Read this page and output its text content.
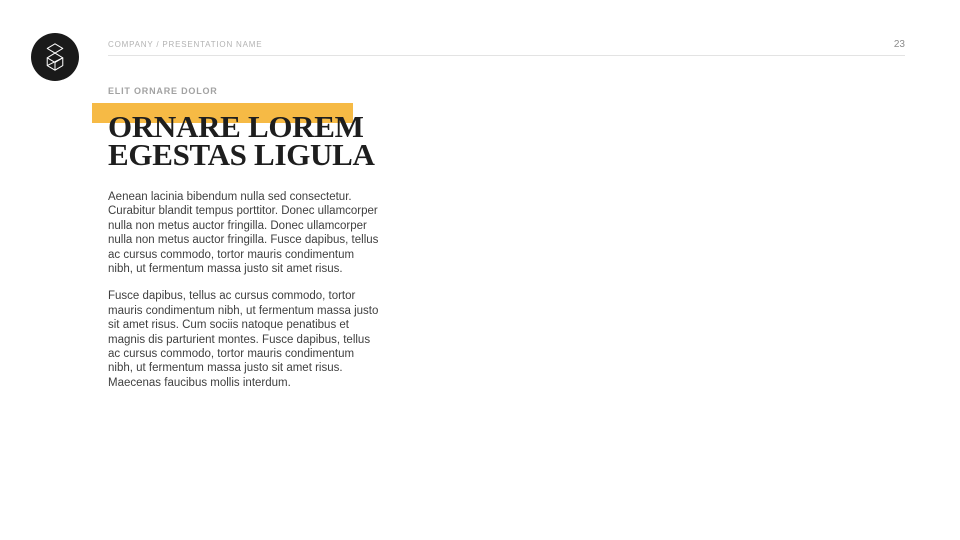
COMPANY / PRESENTATION NAME	23
ELIT ORNARE DOLOR
ORNARE LOREM
EGESTAS LIGULA

Aenean lacinia bibendum nulla sed consectetur. Curabitur blandit tempus porttitor. Donec ullamcorper nulla non metus auctor fringilla. Donec ullamcorper nulla non metus auctor fringilla. Fusce dapibus, tellus ac cursus commodo, tortor mauris condimentum nibh, ut fermentum massa justo sit amet risus.

Fusce dapibus, tellus ac cursus commodo, tortor mauris condimentum nibh, ut fermentum massa justo sit amet risus. Cum sociis natoque penatibus et magnis dis parturient montes. Fusce dapibus, tellus ac cursus commodo, tortor mauris condimentum nibh, ut fermentum massa justo sit amet risus. Maecenas faucibus mollis interdum.
